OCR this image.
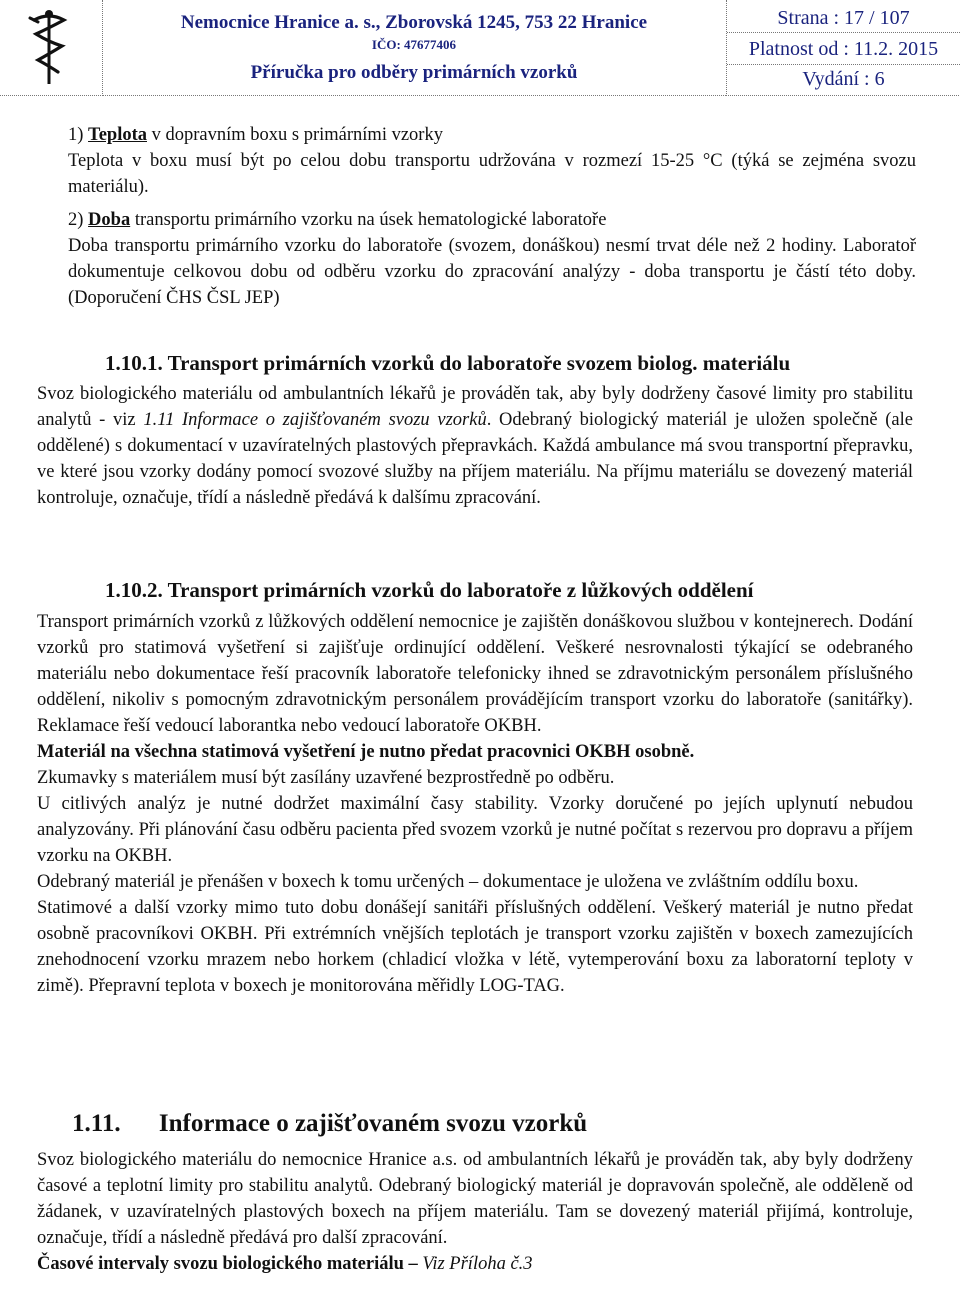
Nemocnice Hranice a. s., Zborovská 1245, 753 22 Hranice
IČO: 47677406
Příručka pro odběry primárních vzorků
Strana : 17 / 107
Platnost od : 11.2. 2015
Vydání : 6

1) Teplota v dopravním boxu s primárními vzorky

Teplota v boxu musí být po celou dobu transportu udržována v rozmezí 15-25 °C (týká se zejména svozu materiálu).

2) Doba transportu primárního vzorku na úsek hematologické laboratoře

Doba transportu primárního vzorku do laboratoře (svozem, donáškou) nesmí trvat déle než 2 hodiny. Laboratoř dokumentuje celkovou dobu od odběru vzorku do zpracování analýzy - doba transportu je částí této doby. (Doporučení ČHS ČSL JEP)

1.10.1. Transport primárních vzorků do laboratoře svozem biolog. materiálu

Svoz biologického materiálu od ambulantních lékařů je prováděn tak, aby byly dodrženy časové limity pro stabilitu analytů - viz 1.11 Informace o zajišťovaném svozu vzorků. Odebraný biologický materiál je uložen společně (ale oddělené) s dokumentací v uzavíratelných plastových přepravkách. Každá ambulance má svou transportní přepravku, ve které jsou vzorky dodány pomocí svozové služby na příjem materiálu. Na příjmu materiálu se dovezený materiál kontroluje, označuje, třídí a následně předává k dalšímu zpracování.

1.10.2. Transport primárních vzorků do laboratoře z lůžkových oddělení

Transport primárních vzorků z lůžkových oddělení nemocnice je zajištěn donáškovou službou v kontejnerech. Dodání vzorků pro statimová vyšetření si zajišťuje ordinující oddělení. Veškeré nesrovnalosti týkající se odebraného materiálu nebo dokumentace řeší pracovník laboratoře telefonicky ihned se zdravotnickým personálem příslušného oddělení, nikoliv s pomocným zdravotnickým personálem provádějícím transport vzorku do laboratoře (sanitářky). Reklamace řeší vedoucí laborantka nebo vedoucí laboratoře OKBH.

Materiál na všechna statimová vyšetření je nutno předat pracovnici OKBH osobně.

Zkumavky s materiálem musí být zasílány uzavřené bezprostředně po odběru.

U citlivých analýz je nutné dodržet maximální časy stability. Vzorky doručené po jejích uplynutí nebudou analyzovány. Při plánování času odběru pacienta před svozem vzorků je nutné počítat s rezervou pro dopravu a příjem vzorku na OKBH.

Odebraný materiál je přenášen v boxech k tomu určených – dokumentace je uložena ve zvláštním oddílu boxu.

Statimové a další vzorky mimo tuto dobu donášejí sanitáři příslušných oddělení. Veškerý materiál je nutno předat osobně pracovníkovi OKBH. Při extrémních vnějších teplotách je transport vzorku zajištěn v boxech zamezujících znehodnocení vzorku mrazem nebo horkem (chladicí vložka v létě, vytemperování boxu za laboratorní teploty v zimě). Přepravní teplota v boxech je monitorována měřidly LOG-TAG.

1.11. Informace o zajišťovaném svozu vzorků

Svoz biologického materiálu do nemocnice Hranice a.s. od ambulantních lékařů je prováděn tak, aby byly dodrženy časové a teplotní limity pro stabilitu analytů. Odebraný biologický materiál je dopravován společně, ale odděleně od žádanek, v uzavíratelných plastových boxech na příjem materiálu. Tam se dovezený materiál přijímá, kontroluje, označuje, třídí a následně předává pro další zpracování.

Časové intervaly svozu biologického materiálu – Viz Příloha č.3
